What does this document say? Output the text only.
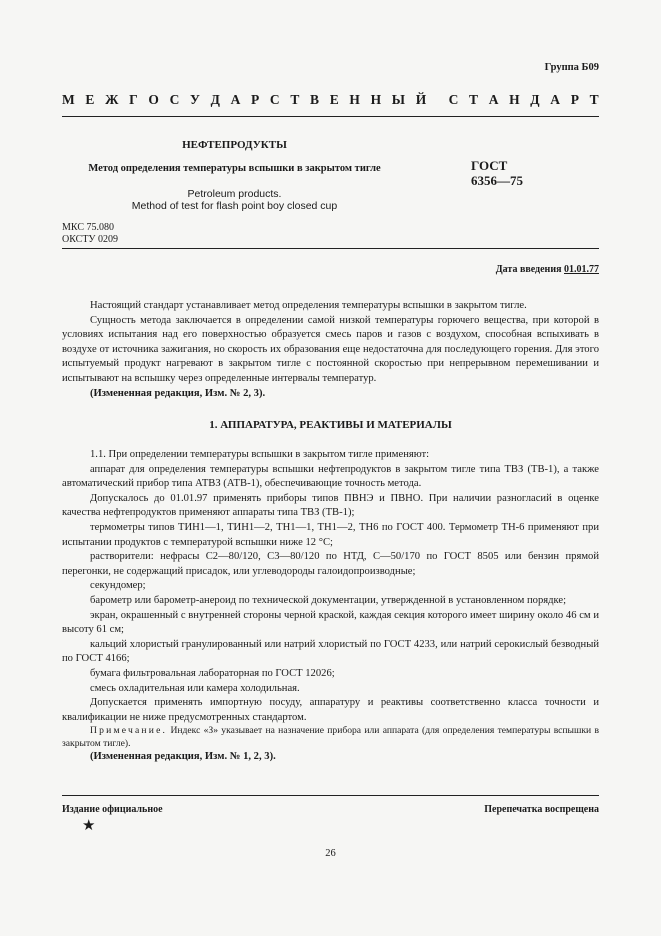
Группа Б09
М Е Ж Г О С У Д А Р С Т В Е Н Н Ы Й С Т А Н Д А Р Т
НЕФТЕПРОДУКТЫ
Метод определения температуры вспышки в закрытом тигле
Petroleum products.
Method of test for flash point boy closed cup
ГОСТ
6356—75
МКС 75.080
ОКСТУ 0209
Дата введения 01.01.77

Настоящий стандарт устанавливает метод определения температуры вспышки в закрытом тигле.

Сущность метода заключается в определении самой низкой температуры горючего вещества, при которой в условиях испытания над его поверхностью образуется смесь паров и газов с воздухом, способная вспыхивать в воздухе от источника зажигания, но скорость их образования еще недостаточна для последующего горения. Для этого испытуемый продукт нагревают в закрытом тигле с постоянной скоростью при непрерывном перемешивании и испытывают на вспышку через определенные интервалы температур.

(Измененная редакция, Изм. № 2, 3).

1. АППАРАТУРА, РЕАКТИВЫ И МАТЕРИАЛЫ

1.1. При определении температуры вспышки в закрытом тигле применяют:

аппарат для определения температуры вспышки нефтепродуктов в закрытом тигле типа ТВЗ (ТВ-1), а также автоматический прибор типа АТВЗ (АТВ-1), обеспечивающие точность метода.

Допускалось до 01.01.97 применять приборы типов ПВНЭ и ПВНО. При наличии разногласий в оценке качества нефтепродуктов применяют аппараты типа ТВЗ (ТВ-1);

термометры типов ТИН1—1, ТИН1—2, ТН1—1, ТН1—2, ТН6 по ГОСТ 400. Термометр ТН-6 применяют при испытании продуктов с температурой вспышки ниже 12 °С;

растворители: нефрасы С2—80/120, С3—80/120 по НТД, С—50/170 по ГОСТ 8505 или бензин прямой перегонки, не содержащий присадок, или углеводороды галоидопроизводные;

секундомер;

барометр или барометр-анероид по технической документации, утвержденной в установленном порядке;

экран, окрашенный с внутренней стороны черной краской, каждая секция которого имеет ширину около 46 см и высоту 61 см;

кальций хлористый гранулированный или натрий хлористый по ГОСТ 4233, или натрий серокислый безводный по ГОСТ 4166;

бумага фильтровальная лабораторная по ГОСТ 12026;

смесь охладительная или камера холодильная.

Допускается применять импортную посуду, аппаратуру и реактивы соответственно класса точности и квалификации не ниже предусмотренных стандартом.

Примечание. Индекс «З» указывает на назначение прибора или аппарата (для определения температуры вспышки в закрытом тигле).

(Измененная редакция, Изм. № 1, 2, 3).

Издание официальное	Перепечатка воспрещена
★
26
